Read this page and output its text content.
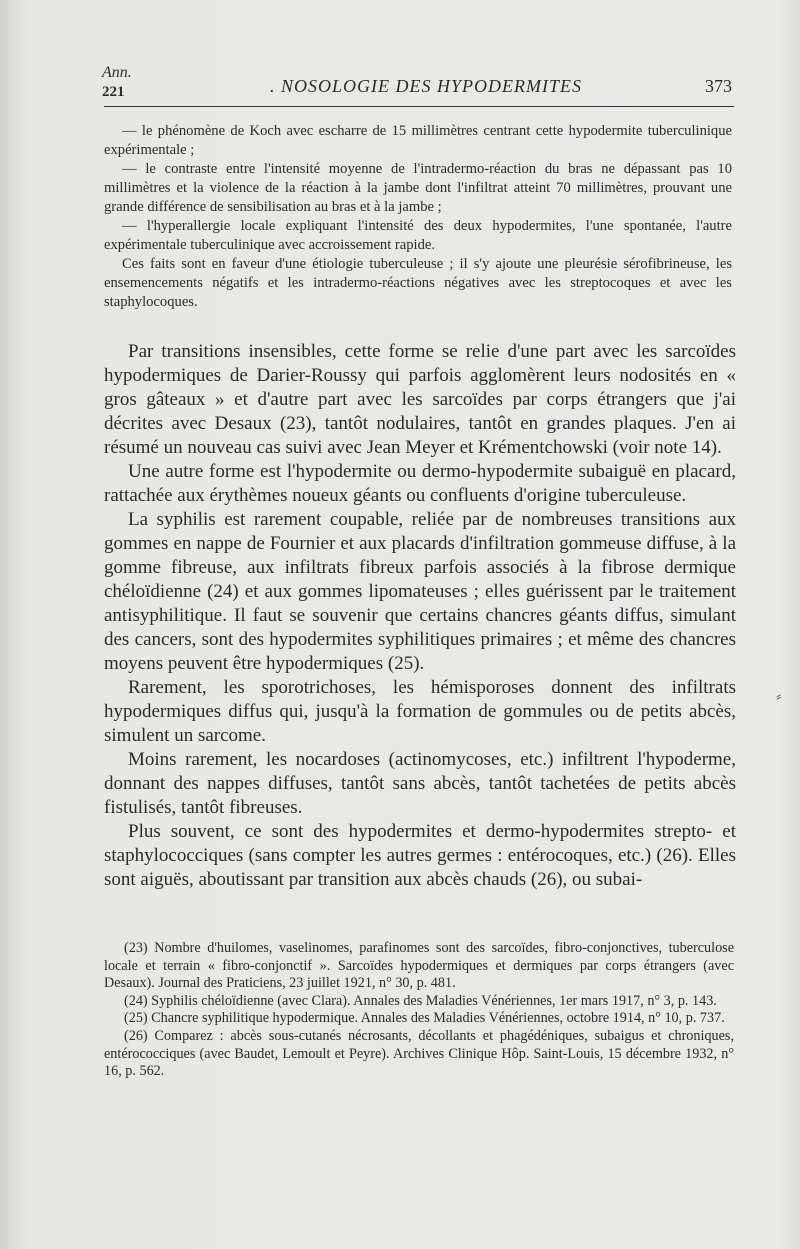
Ann.
221	. NOSOLOGIE DES HYPODERMITES	373

— le phénomène de Koch avec escharre de 15 millimètres centrant cette hypodermite tuberculinique expérimentale ;

— le contraste entre l'intensité moyenne de l'intradermo-réaction du bras ne dépassant pas 10 millimètres et la violence de la réaction à la jambe dont l'infiltrat atteint 70 millimètres, prouvant une grande différence de sensibilisation au bras et à la jambe ;

— l'hyperallergie locale expliquant l'intensité des deux hypodermites, l'une spontanée, l'autre expérimentale tuberculinique avec accroissement rapide.

Ces faits sont en faveur d'une étiologie tuberculeuse ; il s'y ajoute une pleurésie sérofibrineuse, les ensemencements négatifs et les intradermo-réactions négatives avec les streptocoques et avec les staphylocoques.

Par transitions insensibles, cette forme se relie d'une part avec les sarcoïdes hypodermiques de Darier-Roussy qui parfois agglomèrent leurs nodosités en « gros gâteaux » et d'autre part avec les sarcoïdes par corps étrangers que j'ai décrites avec Desaux (23), tantôt nodulaires, tantôt en grandes plaques. J'en ai résumé un nouveau cas suivi avec Jean Meyer et Krémentchowski (voir note 14).

Une autre forme est l'hypodermite ou dermo-hypodermite subaiguë en placard, rattachée aux érythèmes noueux géants ou confluents d'origine tuberculeuse.

La syphilis est rarement coupable, reliée par de nombreuses transitions aux gommes en nappe de Fournier et aux placards d'infiltration gommeuse diffuse, à la gomme fibreuse, aux infiltrats fibreux parfois associés à la fibrose dermique chéloïdienne (24) et aux gommes lipomateuses ; elles guérissent par le traitement antisyphilitique. Il faut se souvenir que certains chancres géants diffus, simulant des cancers, sont des hypodermites syphilitiques primaires ; et même des chancres moyens peuvent être hypodermiques (25).

Rarement, les sporotrichoses, les hémisporoses donnent des infiltrats hypodermiques diffus qui, jusqu'à la formation de gommules ou de petits abcès, simulent un sarcome.

Moins rarement, les nocardoses (actinomycoses, etc.) infiltrent l'hypoderme, donnant des nappes diffuses, tantôt sans abcès, tantôt tachetées de petits abcès fistulisés, tantôt fibreuses.

Plus souvent, ce sont des hypodermites et dermo-hypodermites strepto- et staphylococciques (sans compter les autres germes : entérocoques, etc.) (26). Elles sont aiguës, aboutissant par transition aux abcès chauds (26), ou subai-

(23) Nombre d'huilomes, vaselinomes, parafinomes sont des sarcoïdes, fibro-conjonctives, tuberculose locale et terrain « fibro-conjonctif ». Sarcoïdes hypodermiques et dermiques par corps étrangers (avec Desaux). Journal des Praticiens, 23 juillet 1921, n° 30, p. 481.

(24) Syphilis chéloïdienne (avec Clara). Annales des Maladies Vénériennes, 1er mars 1917, n° 3, p. 143.

(25) Chancre syphilitique hypodermique. Annales des Maladies Vénériennes, octobre 1914, n° 10, p. 737.

(26) Comparez : abcès sous-cutanés nécrosants, décollants et phagédéniques, subaigus et chroniques, entérococciques (avec Baudet, Lemoult et Peyre). Archives Clinique Hôp. Saint-Louis, 15 décembre 1932, n° 16, p. 562.

⸗
